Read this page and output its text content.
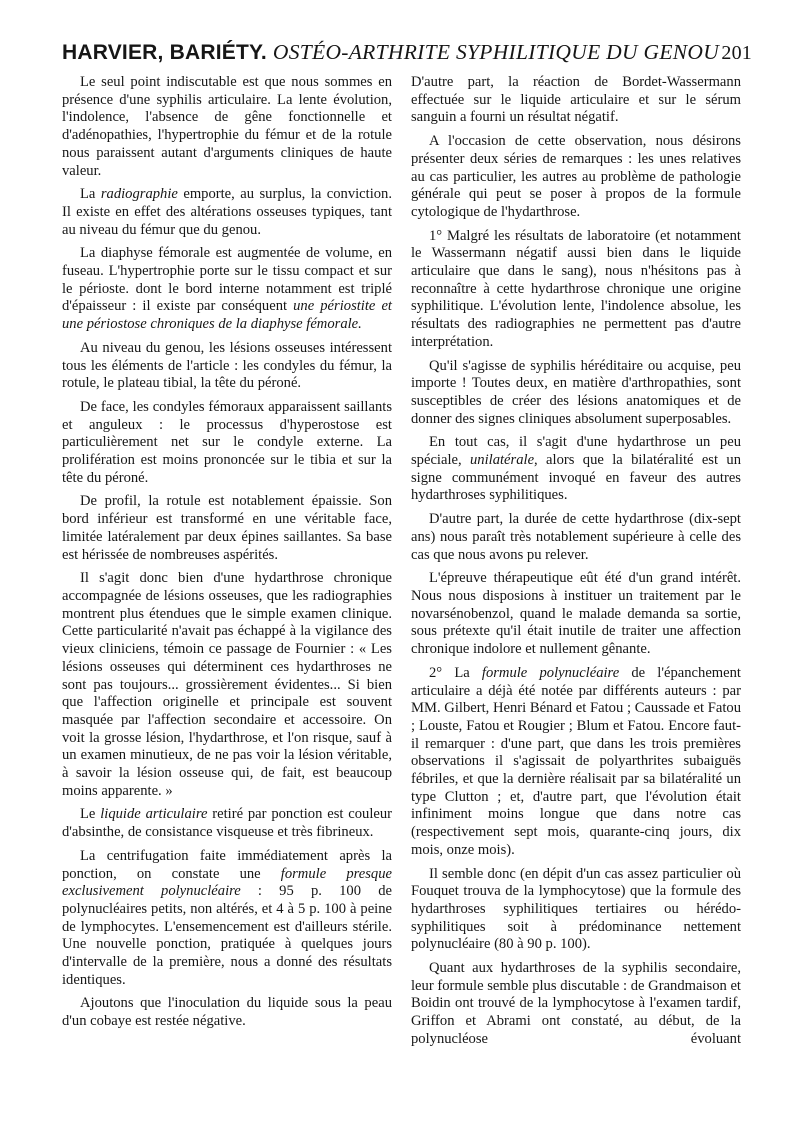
HARVIER, BARIÉTY. OSTÉO-ARTHRITE SYPHILITIQUE DU GENOU 201

Le seul point indiscutable est que nous sommes en présence d'une syphilis articulaire. La lente évolution, l'indolence, l'absence de gêne fonctionnelle et d'adénopathies, l'hypertrophie du fémur et de la rotule nous paraissent autant d'arguments cliniques de haute valeur.

La radiographie emporte, au surplus, la conviction. Il existe en effet des altérations osseuses typiques, tant au niveau du fémur que du genou.

La diaphyse fémorale est augmentée de volume, en fuseau. L'hypertrophie porte sur le tissu compact et sur le périoste. dont le bord interne notamment est triplé d'épaisseur : il existe par conséquent une périostite et une périostose chroniques de la diaphyse fémorale.

Au niveau du genou, les lésions osseuses intéressent tous les éléments de l'article : les condyles du fémur, la rotule, le plateau tibial, la tête du péroné.

De face, les condyles fémoraux apparaissent saillants et anguleux : le processus d'hyperostose est particulièrement net sur le condyle externe. La prolifération est moins prononcée sur le tibia et sur la tête du péroné.

De profil, la rotule est notablement épaissie. Son bord inférieur est transformé en une véritable face, limitée latéralement par deux épines saillantes. Sa base est hérissée de nombreuses aspérités.

Il s'agit donc bien d'une hydarthrose chronique accompagnée de lésions osseuses, que les radiographies montrent plus étendues que le simple examen clinique. Cette particularité n'avait pas échappé à la vigilance des vieux cliniciens, témoin ce passage de Fournier : « Les lésions osseuses qui déterminent ces hydarthroses ne sont pas toujours... grossièrement évidentes... Si bien que l'affection originelle et principale est souvent masquée par l'affection secondaire et accessoire. On voit la grosse lésion, l'hydarthrose, et l'on risque, sauf à un examen minutieux, de ne pas voir la lésion véritable, à savoir la lésion osseuse qui, de fait, est beaucoup moins apparente. »

Le liquide articulaire retiré par ponction est couleur d'absinthe, de consistance visqueuse et très fibrineux.

La centrifugation faite immédiatement après la ponction, on constate une formule presque exclusivement polynucléaire : 95 p. 100 de polynucléaires petits, non altérés, et 4 à 5 p. 100 à peine de lymphocytes. L'ensemencement est d'ailleurs stérile. Une nouvelle ponction, pratiquée à quelques jours d'intervalle de la première, nous a donné des résultats identiques.

Ajoutons que l'inoculation du liquide sous la peau d'un cobaye est restée négative.

D'autre part, la réaction de Bordet-Wassermann effectuée sur le liquide articulaire et sur le sérum sanguin a fourni un résultat négatif.

A l'occasion de cette observation, nous désirons présenter deux séries de remarques : les unes relatives au cas particulier, les autres au problème de pathologie générale qui peut se poser à propos de la formule cytologique de l'hydarthrose.

1° Malgré les résultats de laboratoire (et notamment le Wassermann négatif aussi bien dans le liquide articulaire que dans le sang), nous n'hésitons pas à reconnaître à cette hydarthrose chronique une origine syphilitique. L'évolution lente, l'indolence absolue, les résultats des radiographies ne permettent pas d'autre interprétation.

Qu'il s'agisse de syphilis héréditaire ou acquise, peu importe ! Toutes deux, en matière d'arthropathies, sont susceptibles de créer des lésions anatomiques et de donner des signes cliniques absolument superposables.

En tout cas, il s'agit d'une hydarthrose un peu spéciale, unilatérale, alors que la bilatéralité est un signe communément invoqué en faveur des autres hydarthroses syphilitiques.

D'autre part, la durée de cette hydarthrose (dix-sept ans) nous paraît très notablement supérieure à celle des cas que nous avons pu relever.

L'épreuve thérapeutique eût été d'un grand intérêt. Nous nous disposions à instituer un traitement par le novarsénobenzol, quand le malade demanda sa sortie, sous prétexte qu'il était inutile de traiter une affection chronique indolore et nullement gênante.

2° La formule polynucléaire de l'épanchement articulaire a déjà été notée par différents auteurs : par MM. Gilbert, Henri Bénard et Fatou ; Caussade et Fatou ; Louste, Fatou et Rougier ; Blum et Fatou. Encore faut-il remarquer : d'une part, que dans les trois premières observations il s'agissait de polyarthrites subaiguës fébriles, et que la dernière réalisait par sa bilatéralité un type Clutton ; et, d'autre part, que l'évolution était infiniment moins longue que dans notre cas (respectivement sept mois, quarante-cinq jours, dix mois, onze mois).

Il semble donc (en dépit d'un cas assez particulier où Fouquet trouva de la lymphocytose) que la formule des hydarthroses syphilitiques tertiaires ou hérédo-syphilitiques soit à prédominance nettement polynucléaire (80 à 90 p. 100).

Quant aux hydarthroses de la syphilis secondaire, leur formule semble plus discutable : de Grandmaison et Boidin ont trouvé de la lymphocytose à l'examen tardif, Griffon et Abrami ont constaté, au début, de la polynucléose évoluant
